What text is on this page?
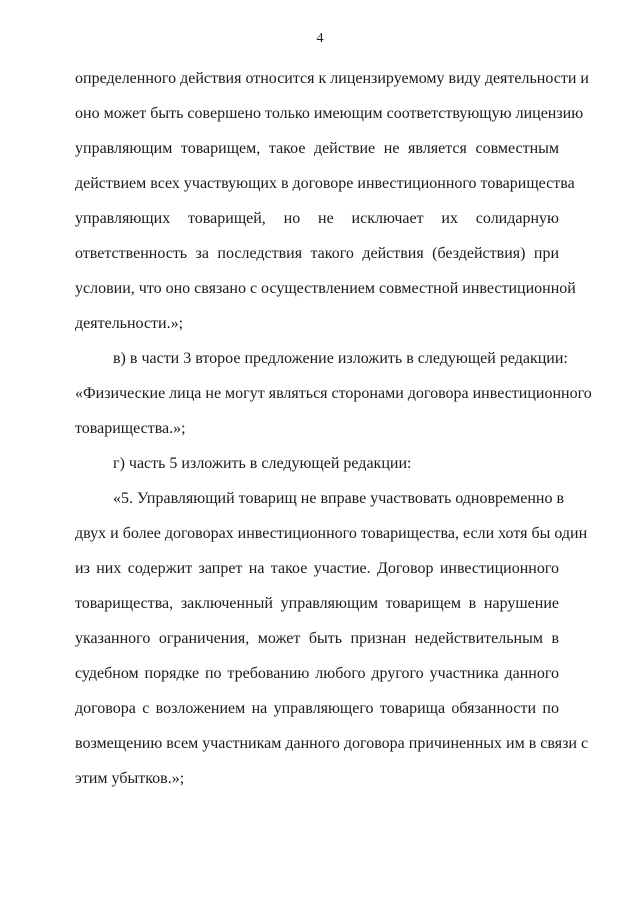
4
определенного действия относится к лицензируемому виду деятельности и
оно может быть совершено только имеющим соответствующую лицензию
управляющим товарищем, такое действие не является совместным
действием всех участвующих в договоре инвестиционного товарищества
управляющих товарищей, но не исключает их солидарную
ответственность за последствия такого действия (бездействия) при
условии, что оно связано с осуществлением совместной инвестиционной
деятельности.»;
в) в части 3 второе предложение изложить в следующей редакции:
«Физические лица не могут являться сторонами договора инвестиционного
товарищества.»;
г) часть 5 изложить в следующей редакции:
«5. Управляющий товарищ не вправе участвовать одновременно в
двух и более договорах инвестиционного товарищества, если хотя бы один
из них содержит запрет на такое участие. Договор инвестиционного
товарищества, заключенный управляющим товарищем в нарушение
указанного ограничения, может быть признан недействительным в
судебном порядке по требованию любого другого участника данного
договора с возложением на управляющего товарища обязанности по
возмещению всем участникам данного договора причиненных им в связи с
этим убытков.»;
